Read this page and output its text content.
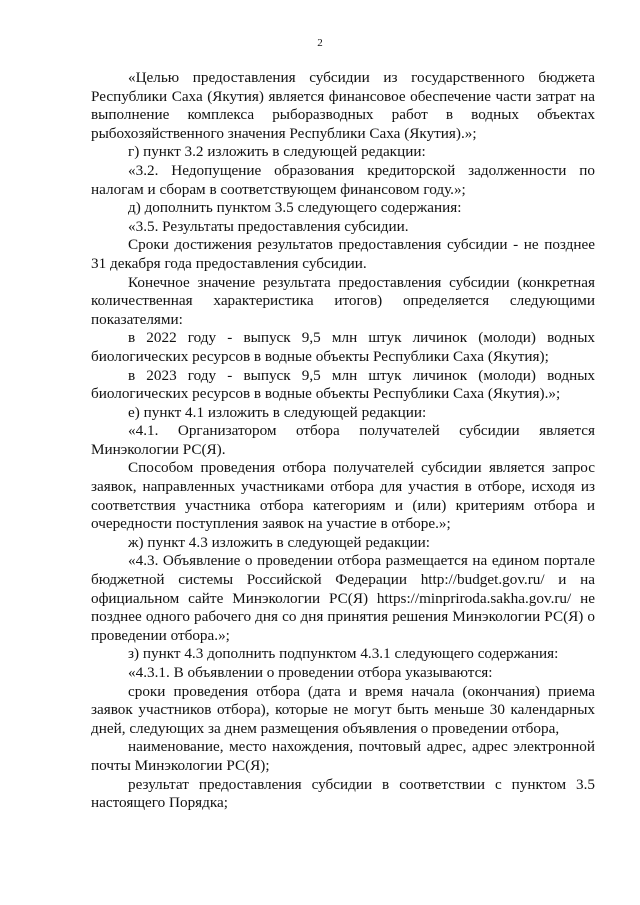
2

«Целью предоставления субсидии из государственного бюджета Республики Саха (Якутия) является финансовое обеспечение части затрат на выполнение комплекса рыборазводных работ в водных объектах рыбохозяйственного значения Республики Саха (Якутия).»;

г) пункт 3.2 изложить в следующей редакции:

«3.2. Недопущение образования кредиторской задолженности по налогам и сборам в соответствующем финансовом году.»;

д) дополнить пунктом 3.5 следующего содержания:

«3.5. Результаты предоставления субсидии.

Сроки достижения результатов предоставления субсидии - не позднее 31 декабря года предоставления субсидии.

Конечное значение результата предоставления субсидии (конкретная количественная характеристика итогов) определяется следующими показателями:

в 2022 году - выпуск 9,5 млн штук личинок (молоди) водных биологических ресурсов в водные объекты Республики Саха (Якутия);

в 2023 году - выпуск 9,5 млн штук личинок (молоди) водных биологических ресурсов в водные объекты Республики Саха (Якутия).»;

е) пункт 4.1 изложить в следующей редакции:

«4.1. Организатором отбора получателей субсидии является Минэкологии РС(Я).

Способом проведения отбора получателей субсидии является запрос заявок, направленных участниками отбора для участия в отборе, исходя из соответствия участника отбора категориям и (или) критериям отбора и очередности поступления заявок на участие в отборе.»;

ж) пункт 4.3 изложить в следующей редакции:

«4.3. Объявление о проведении отбора размещается на едином портале бюджетной системы Российской Федерации http://budget.gov.ru/ и на официальном сайте Минэкологии РС(Я) https://minpriroda.sakha.gov.ru/ не позднее одного рабочего дня со дня принятия решения Минэкологии РС(Я) о проведении отбора.»;

з) пункт 4.3 дополнить подпунктом 4.3.1 следующего содержания:

«4.3.1. В объявлении о проведении отбора указываются:

сроки проведения отбора (дата и время начала (окончания) приема заявок участников отбора), которые не могут быть меньше 30 календарных дней, следующих за днем размещения объявления о проведении отбора,

наименование, место нахождения, почтовый адрес, адрес электронной почты Минэкологии РС(Я);

результат предоставления субсидии в соответствии с пунктом 3.5 настоящего Порядка;
